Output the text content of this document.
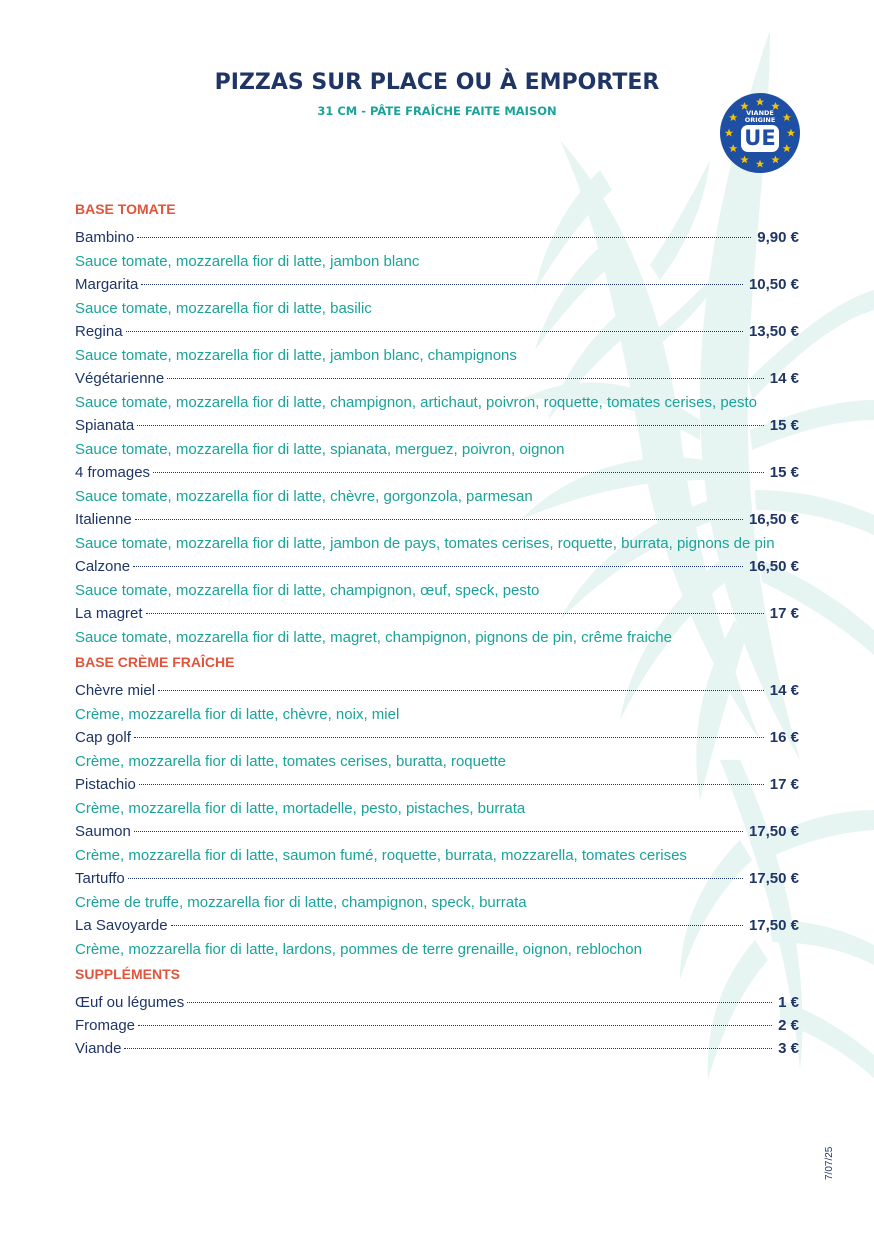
PIZZAS SUR PLACE OU À EMPORTER
31 CM - PÂTE FRAÎCHE FAITE MAISON	VIANDE
ORIGINE
UE
BASE TOMATE
Bambino	9,90 €
Sauce tomate, mozzarella fior di latte, jambon blanc
Margarita	10,50 €
Sauce tomate, mozzarella fior di latte, basilic
Regina	13,50 €
Sauce tomate, mozzarella fior di latte, jambon blanc, champignons
Végétarienne	14 €
Sauce tomate, mozzarella fior di latte, champignon, artichaut, poivron, roquette, tomates cerises, pesto
Spianata	15 €
Sauce tomate, mozzarella fior di latte, spianata, merguez, poivron, oignon
4 fromages	15 €
Sauce tomate, mozzarella fior di latte, chèvre, gorgonzola, parmesan
Italienne	16,50 €
Sauce tomate, mozzarella fior di latte, jambon de pays, tomates cerises, roquette, burrata, pignons de pin
Calzone	16,50 €
Sauce tomate, mozzarella fior di latte, champignon, œuf, speck, pesto
La magret	17 €
Sauce tomate, mozzarella fior di latte, magret, champignon, pignons de pin, crême fraiche
BASE CRÈME FRAÎCHE
Chèvre miel	14 €
Crème, mozzarella fior di latte, chèvre, noix, miel
Cap golf	16 €
Crème, mozzarella fior di latte, tomates cerises, buratta, roquette
Pistachio	17 €
Crème, mozzarella fior di latte, mortadelle, pesto, pistaches, burrata
Saumon	17,50 €
Crème, mozzarella fior di latte, saumon fumé, roquette, burrata, mozzarella, tomates cerises
Tartuffo	17,50 €
Crème de truffe, mozzarella fior di latte, champignon, speck, burrata
La Savoyarde	17,50 €
Crème, mozzarella fior di latte, lardons, pommes de terre grenaille, oignon, reblochon
SUPPLÉMENTS
Œuf ou légumes	1 €
Fromage	2 €
Viande	3 €
7/07/25
